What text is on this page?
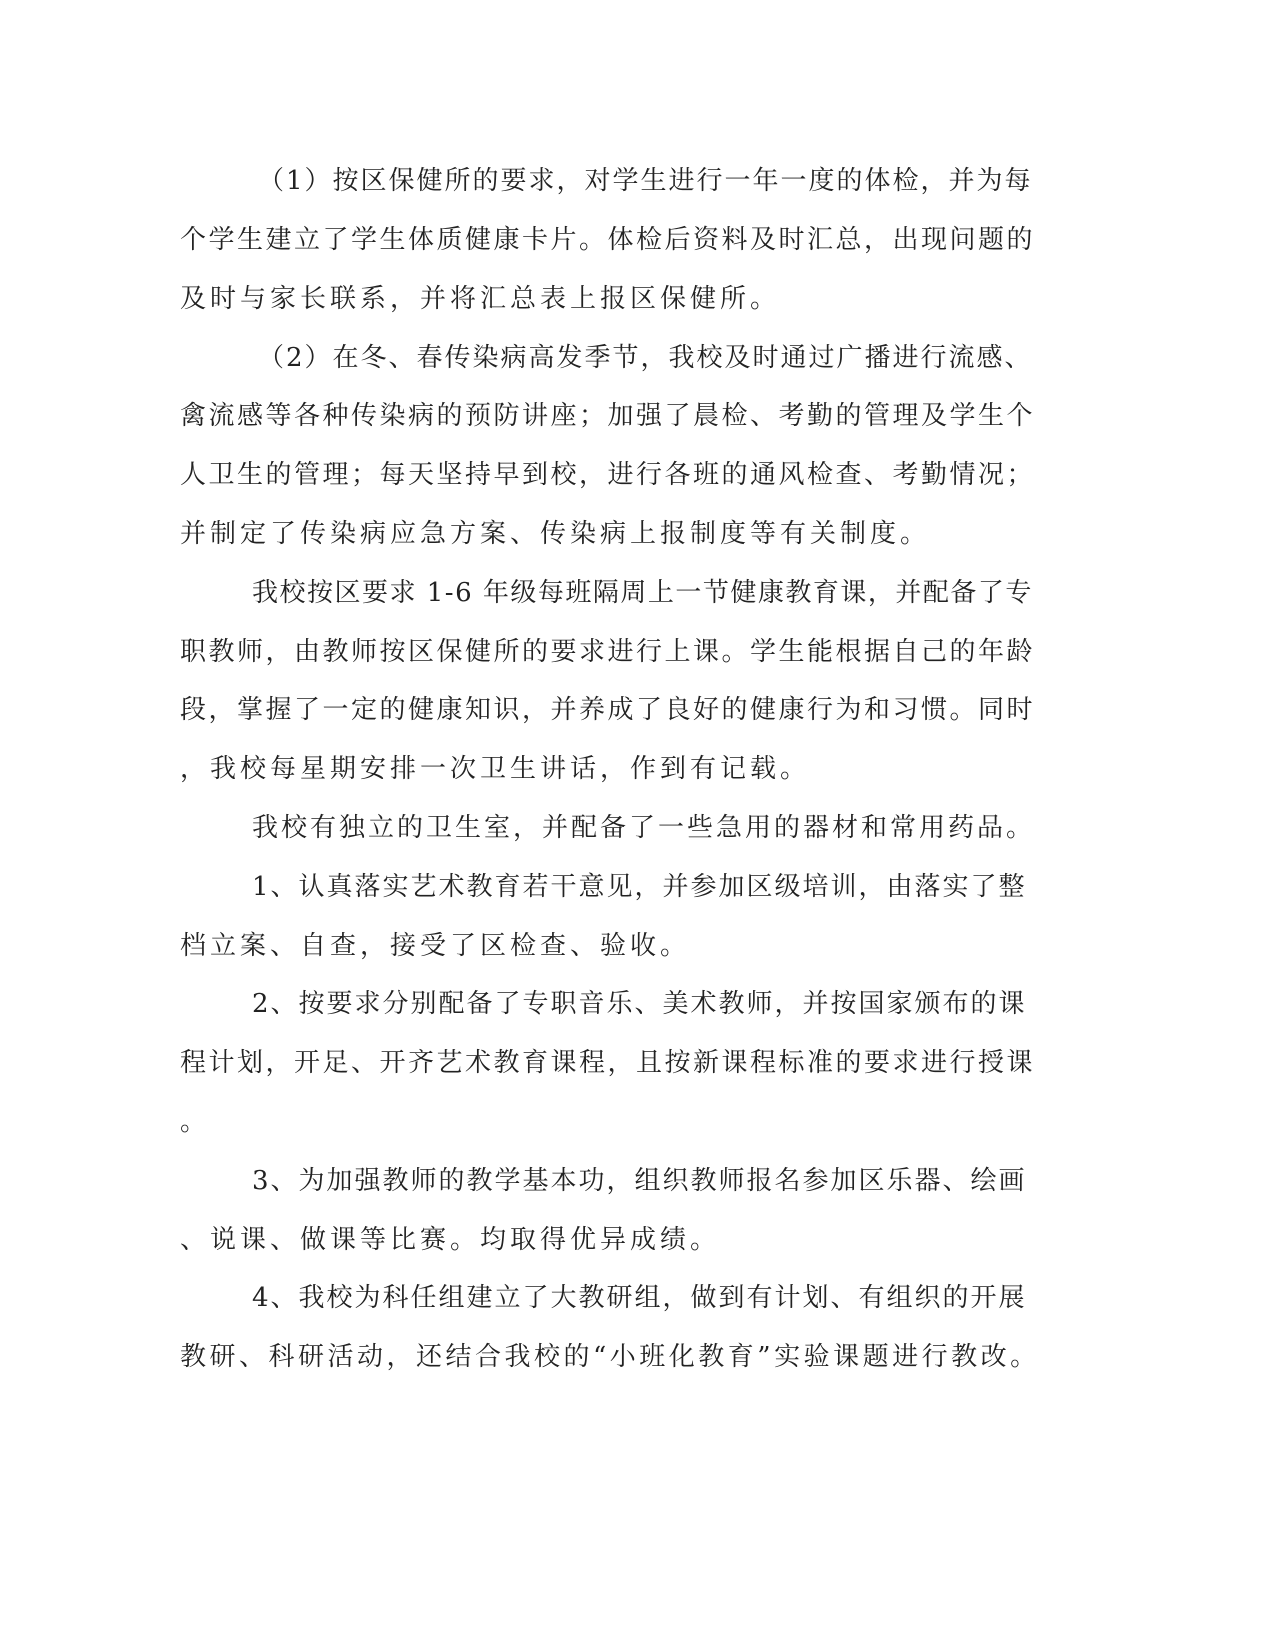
（1）按区保健所的要求，对学生进行一年一度的体检，并为每
个学生建立了学生体质健康卡片。体检后资料及时汇总，出现问题的
及时与家长联系，并将汇总表上报区保健所。
（2）在冬、春传染病高发季节，我校及时通过广播进行流感、
禽流感等各种传染病的预防讲座；加强了晨检、考勤的管理及学生个
人卫生的管理；每天坚持早到校，进行各班的通风检查、考勤情况；
并制定了传染病应急方案、传染病上报制度等有关制度。
我校按区要求 1-6 年级每班隔周上一节健康教育课，并配备了专
职教师，由教师按区保健所的要求进行上课。学生能根据自己的年龄
段，掌握了一定的健康知识，并养成了良好的健康行为和习惯。同时
，我校每星期安排一次卫生讲话，作到有记载。
我校有独立的卫生室，并配备了一些急用的器材和常用药品。
1、认真落实艺术教育若干意见，并参加区级培训，由落实了整
档立案、自查，接受了区检查、验收。
2、按要求分别配备了专职音乐、美术教师，并按国家颁布的课
程计划，开足、开齐艺术教育课程，且按新课程标准的要求进行授课
。
3、为加强教师的教学基本功，组织教师报名参加区乐器、绘画
、说课、做课等比赛。均取得优异成绩。
4、我校为科任组建立了大教研组，做到有计划、有组织的开展
教研、科研活动，还结合我校的“小班化教育”实验课题进行教改。
